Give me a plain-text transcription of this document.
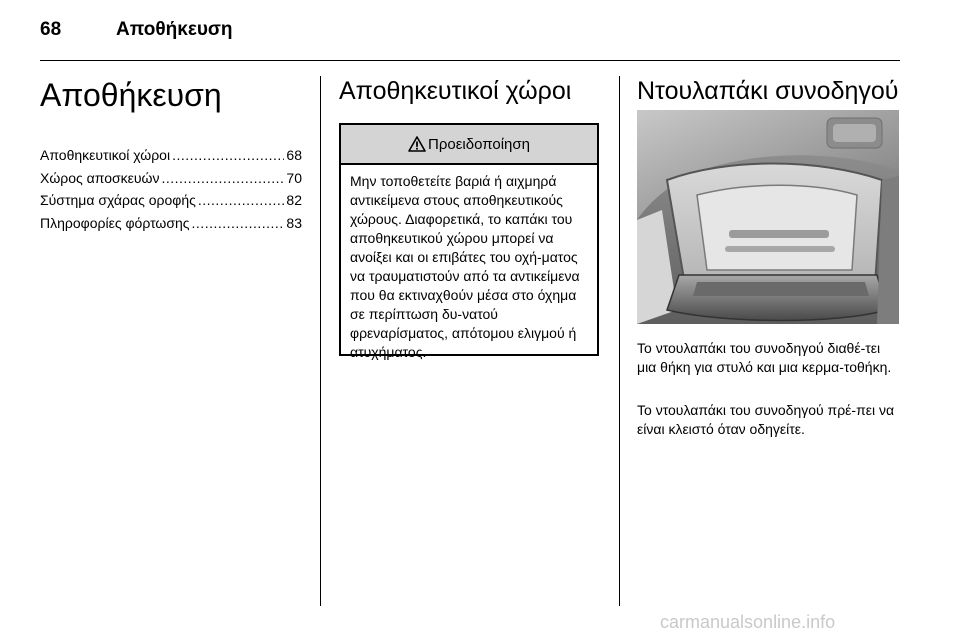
68	Αποθήκευση
Αποθήκευση
Αποθηκευτικοί χώροι .....	68
Χώρος αποσκευών .....	70
Σύστημα σχάρας οροφής .....	82
Πληροφορίες φόρτωσης .....	83
Αποθηκευτικοί χώροι
Προειδοποίηση

Μην τοποθετείτε βαριά ή αιχμηρά αντικείμενα στους αποθηκευτικούς χώρους. Διαφορετικά, το καπάκι του αποθηκευτικού χώρου μπορεί να ανοίξει και οι επιβάτες του οχή-ματος να τραυματιστούν από τα αντικείμενα που θα εκτιναχθούν μέσα στο όχημα σε περίπτωση δυ-νατού φρεναρίσματος, απότομου ελιγμού ή ατυχήματος.

Ντουλαπάκι συνοδηγού

Το ντουλαπάκι του συνοδηγού διαθέ-τει μια θήκη για στυλό και μια κερμα-τοθήκη.

Το ντουλαπάκι του συνοδηγού πρέ-πει να είναι κλειστό όταν οδηγείτε.

carmanualsonline.info
